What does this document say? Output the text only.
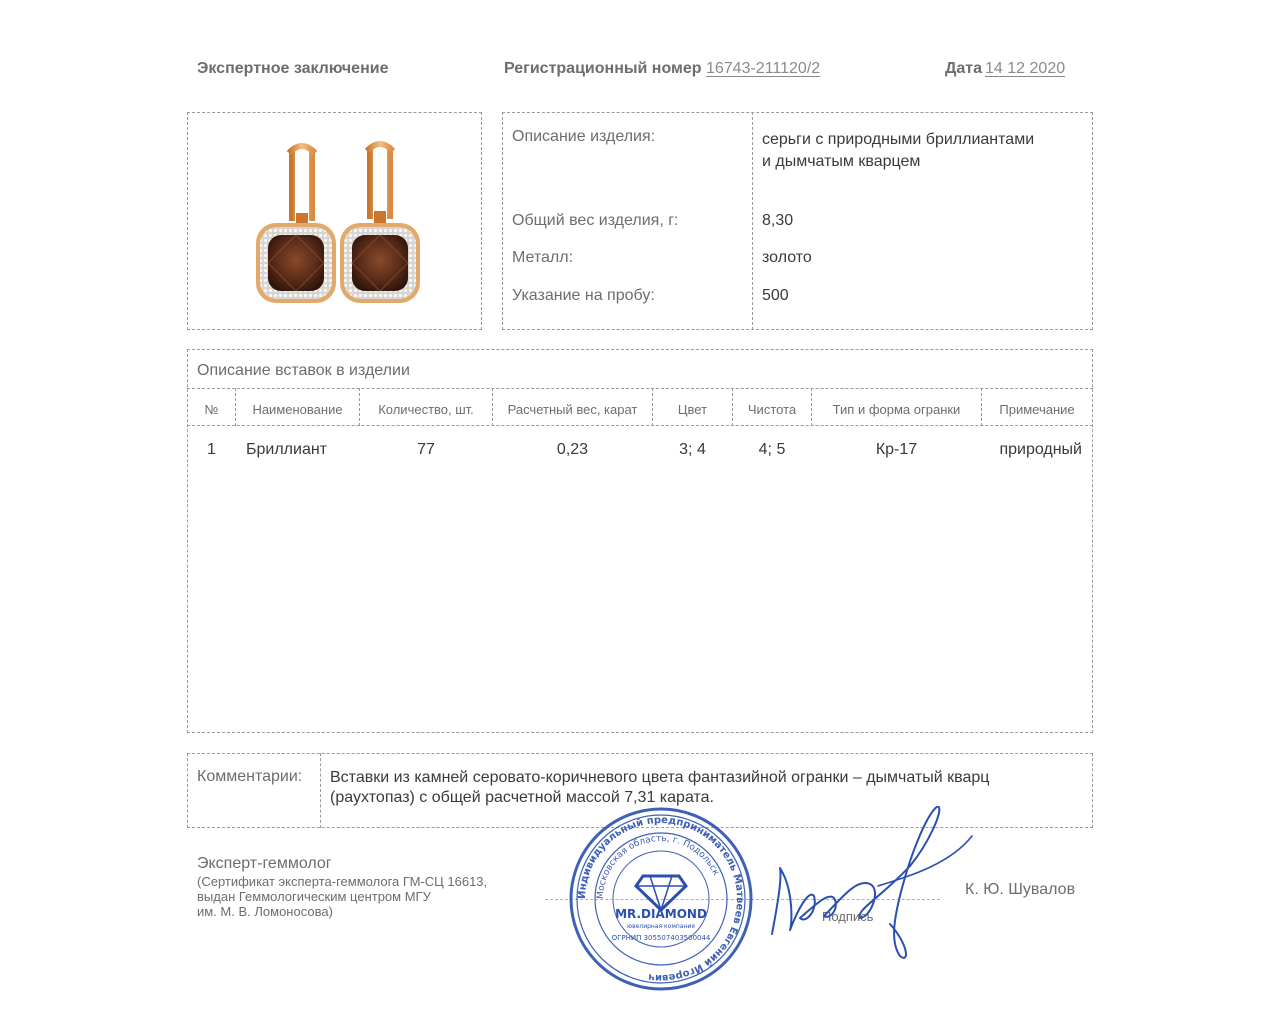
Экспертное заключение	Регистрационный номер 16743-211120/2	Дата 14 12 2020
Описание изделия:	серьги с природными бриллиантами
и дымчатым кварцем
Общий вес изделия, г:	8,30
Металл:	золото
Указание на пробу:	500
Описание вставок в изделии
№	Наименование	Количество, шт.	Расчетный вес, карат	Цвет	Чистота	Тип и форма огранки	Примечание
1	Бриллиант	77	0,23	3; 4	4; 5	Кр-17	природный
Комментарии: Вставки из камней серовато-коричневого цвета фантазийной огранки – дымчатый кварц
(раухтопаз) с общей расчетной массой 7,31 карата.
Эксперт-геммолог
(Сертификат эксперта-геммолога ГМ-СЦ 16613,
выдан Геммологическим центром МГУ
им. М. В. Ломоносова)	Подпись
К. Ю. Шувалов
Индивидуальный предприниматель Матвеев Евгений Игоревич
Московская область, г. Подольск
MR.DIAMOND
ювелирная компания
ОГРНИП 305507403500044
